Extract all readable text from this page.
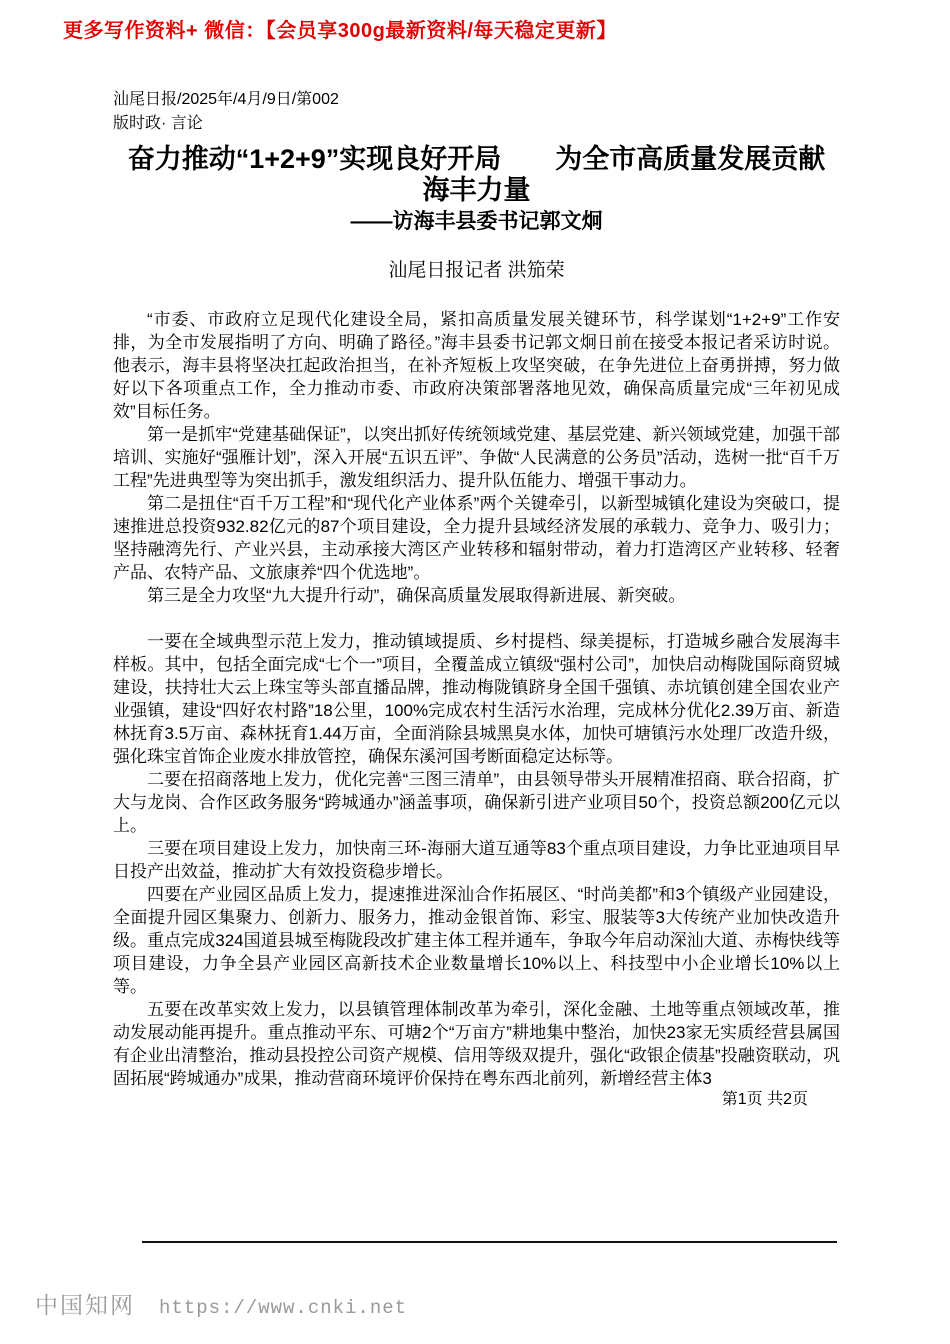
更多写作资料+ 微信：【会员享300g最新资料/每天稳定更新】
汕尾日报/2025年/4月/9日/第002
版时政· 言论
奋力推动“1+2+9”实现良好开局　　为全市高质量发展贡献
海丰力量
——访海丰县委书记郭文炯
汕尾日报记者 洪笳荣

“市委、市政府立足现代化建设全局，紧扣高质量发展关键环节，科学谋划“1+2+9”工作安排，为全市发展指明了方向、明确了路径。”海丰县委书记郭文炯日前在接受本报记者采访时说。他表示，海丰县将坚决扛起政治担当，在补齐短板上攻坚突破，在争先进位上奋勇拼搏，努力做好以下各项重点工作，全力推动市委、市政府决策部署落地见效，确保高质量完成“三年初见成效”目标任务。

第一是抓牢“党建基础保证”，以突出抓好传统领域党建、基层党建、新兴领域党建，加强干部培训、实施好“强雁计划”，深入开展“五识五评”、争做“人民满意的公务员”活动，选树一批“百千万工程”先进典型等为突出抓手，激发组织活力、提升队伍能力、增强干事动力。

第二是扭住“百千万工程”和“现代化产业体系”两个关键牵引，以新型城镇化建设为突破口，提速推进总投资932.82亿元的87个项目建设，全力提升县域经济发展的承载力、竞争力、吸引力；坚持融湾先行、产业兴县，主动承接大湾区产业转移和辐射带动，着力打造湾区产业转移、轻奢产品、农特产品、文旅康养“四个优选地”。

第三是全力攻坚“九大提升行动”，确保高质量发展取得新进展、新突破。

一要在全域典型示范上发力，推动镇域提质、乡村提档、绿美提标，打造城乡融合发展海丰样板。其中，包括全面完成“七个一”项目，全覆盖成立镇级“强村公司”，加快启动梅陇国际商贸城建设，扶持壮大云上珠宝等头部直播品牌，推动梅陇镇跻身全国千强镇、赤坑镇创建全国农业产业强镇，建设“四好农村路”18公里，100%完成农村生活污水治理，完成林分优化2.39万亩、新造林抚育3.5万亩、森林抚育1.44万亩，全面消除县城黑臭水体，加快可塘镇污水处理厂改造升级，强化珠宝首饰企业废水排放管控，确保东溪河国考断面稳定达标等。

二要在招商落地上发力，优化完善“三图三清单”，由县领导带头开展精准招商、联合招商，扩大与龙岗、合作区政务服务“跨城通办”涵盖事项，确保新引进产业项目50个，投资总额200亿元以上。

三要在项目建设上发力，加快南三环-海丽大道互通等83个重点项目建设，力争比亚迪项目早日投产出效益，推动扩大有效投资稳步增长。

四要在产业园区品质上发力，提速推进深汕合作拓展区、“时尚美都”和3个镇级产业园建设，全面提升园区集聚力、创新力、服务力，推动金银首饰、彩宝、服装等3大传统产业加快改造升级。重点完成324国道县城至梅陇段改扩建主体工程并通车，争取今年启动深汕大道、赤梅快线等项目建设，力争全县产业园区高新技术企业数量增长10%以上、科技型中小企业增长10%以上等。

五要在改革实效上发力，以县镇管理体制改革为牵引，深化金融、土地等重点领域改革，推动发展动能再提升。重点推动平东、可塘2个“万亩方”耕地集中整治，加快23家无实质经营县属国有企业出清整治，推动县投控公司资产规模、信用等级双提升，强化“政银企债基”投融资联动，巩固拓展“跨城通办”成果，推动营商环境评价保持在粤东西北前列，新增经营主体3

第1页 共2页
中国知网 https://www.cnki.net
